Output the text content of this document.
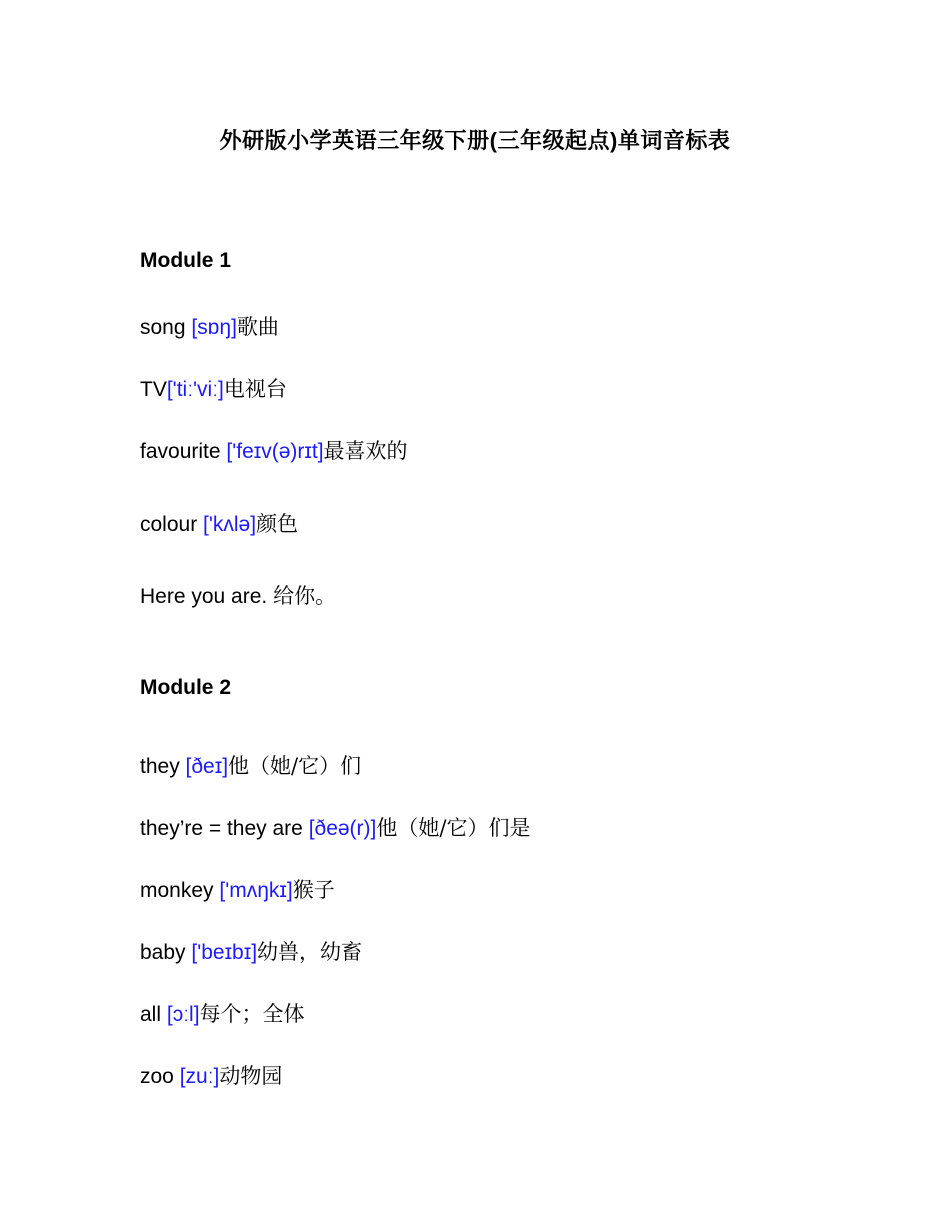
外研版小学英语三年级下册(三年级起点)单词音标表
Module 1
song [sɒŋ]歌曲
TV['tiː'viː]电视台
favourite ['feɪv(ə)rɪt]最喜欢的
colour ['kʌlə]颜色
Here you are. 给你。
Module 2
they [ðeɪ]他（她/它）们
they’re = they are [ðeə(r)]他（她/它）们是
monkey ['mʌŋkɪ]猴子
baby ['beɪbɪ]幼兽，幼畜
all [ɔːl]每个；全体
zoo [zuː]动物园
